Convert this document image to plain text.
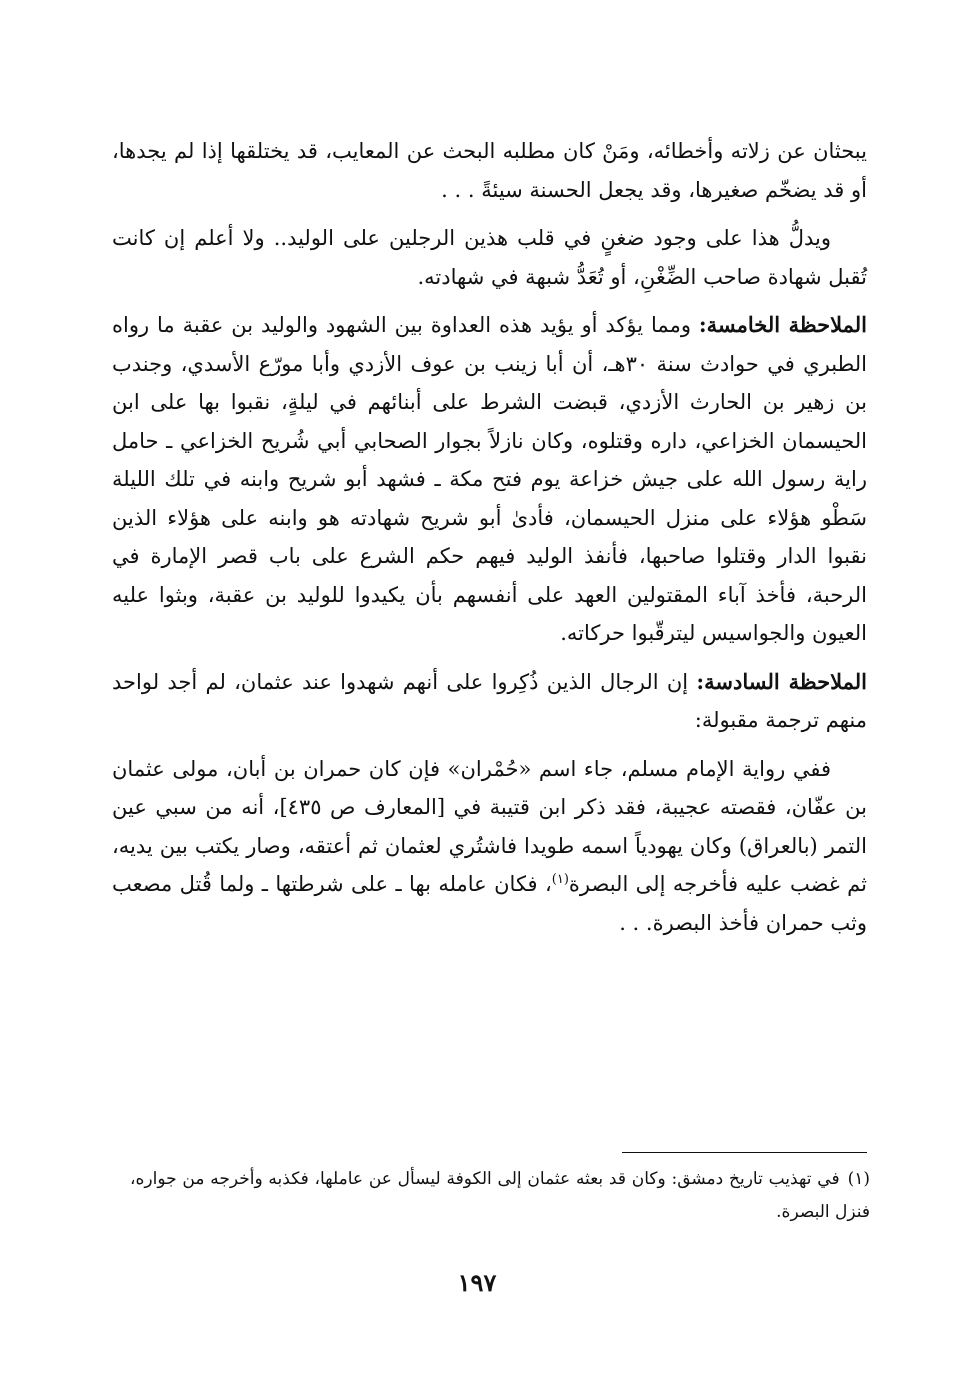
يبحثان عن زلاته وأخطائه، ومَنْ كان مطلبه البحث عن المعايب، قد يختلقها إذا لم يجدها، أو قد يضخّم صغيرها، وقد يجعل الحسنة سيئةً . . .

ويدلُّ هذا على وجود ضغنٍ في قلب هذين الرجلين على الوليد.. ولا أعلم إن كانت تُقبل شهادة صاحب الضِّغْنِ، أو تُعَدُّ شبهة في شهادته.

الملاحظة الخامسة: ومما يؤكد أو يؤيد هذه العداوة بين الشهود والوليد بن عقبة ما رواه الطبري في حوادث سنة ٣٠هـ، أن أبا زينب بن عوف الأزدي وأبا مورّع الأسدي، وجندب بن زهير بن الحارث الأزدي، قبضت الشرط على أبنائهم في ليلةٍ، نقبوا بها على ابن الحيسمان الخزاعي، داره وقتلوه، وكان نازلاً بجوار الصحابي أبي شُريح الخزاعي ـ حامل راية رسول الله على جيش خزاعة يوم فتح مكة ـ فشهد أبو شريح وابنه في تلك الليلة سَطْو هؤلاء على منزل الحيسمان، فأدىٰ أبو شريح شهادته هو وابنه على هؤلاء الذين نقبوا الدار وقتلوا صاحبها، فأنفذ الوليد فيهم حكم الشرع على باب قصر الإمارة في الرحبة، فأخذ آباء المقتولين العهد على أنفسهم بأن يكيدوا للوليد بن عقبة، وبثوا عليه العيون والجواسيس ليترقّبوا حركاته.

الملاحظة السادسة: إن الرجال الذين ذُكِروا على أنهم شهدوا عند عثمان، لم أجد لواحد منهم ترجمة مقبولة:

ففي رواية الإمام مسلم، جاء اسم «حُمْران» فإن كان حمران بن أبان، مولى عثمان بن عفّان، فقصته عجيبة، فقد ذكر ابن قتيبة في [المعارف ص ٤٣٥]، أنه من سبي عين التمر (بالعراق) وكان يهودياً اسمه طويدا فاشتُري لعثمان ثم أعتقه، وصار يكتب بين يديه، ثم غضب عليه فأخرجه إلى البصرة$^{(١)}$، فكان عامله بها ـ على شرطتها ـ ولما قُتل مصعب وثب حمران فأخذ البصرة. . .

(١)في تهذيب تاريخ دمشق: وكان قد بعثه عثمان إلى الكوفة ليسأل عن عاملها، فكذبه وأخرجه من جواره، فنزل البصرة.
١٩٧
